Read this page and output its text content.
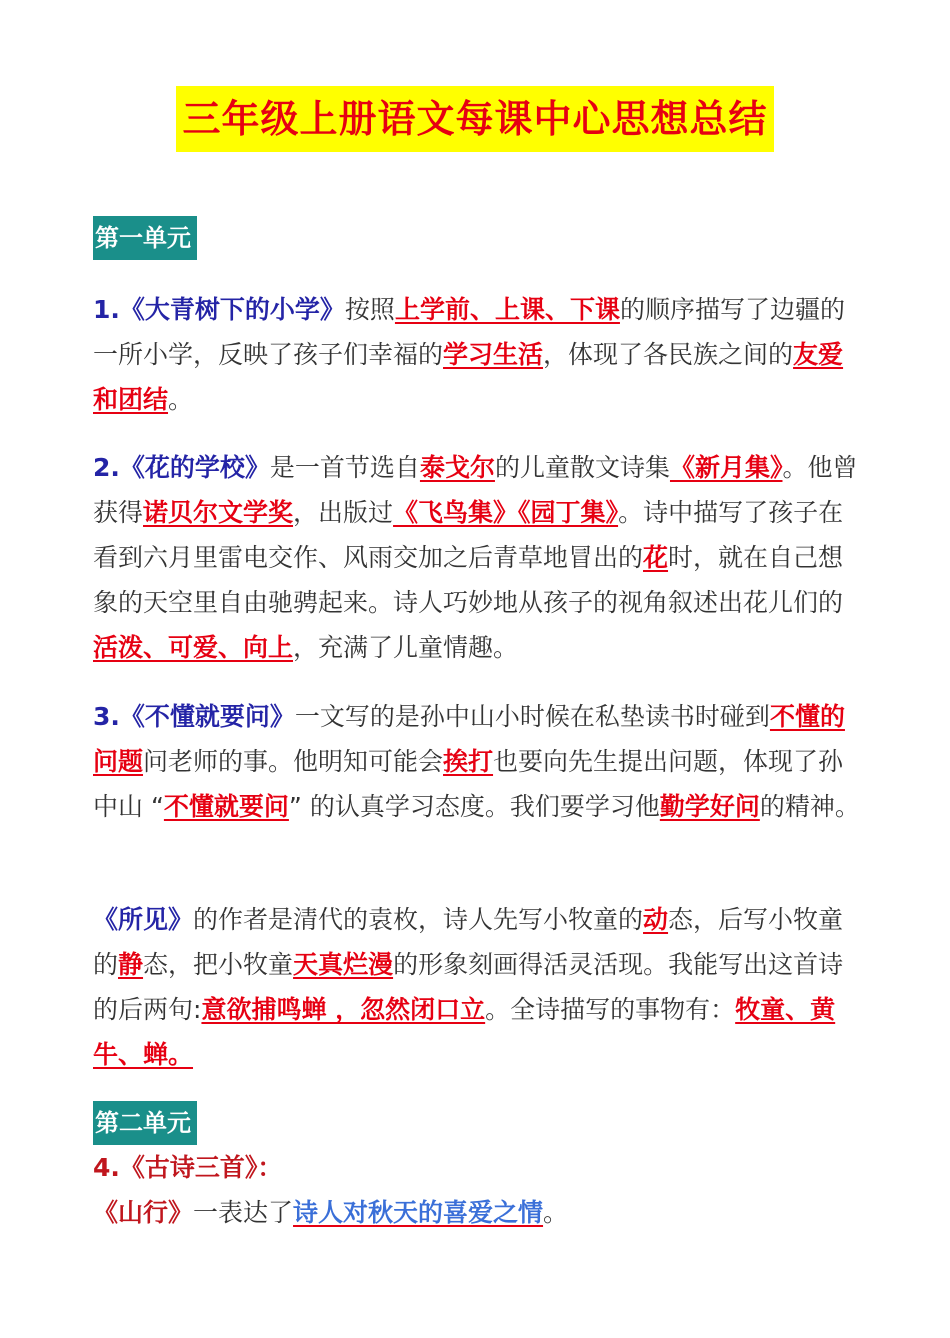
三年级上册语文每课中心思想总结
第一单元
1.《大青树下的小学》按照上学前、上课、下课的顺序描写了边疆的一所小学，反映了孩子们幸福的学习生活，体现了各民族之间的友爱和团结。
2.《花的学校》是一首节选自泰戈尔的儿童散文诗集《新月集》。他曾获得诺贝尔文学奖，出版过《飞鸟集》《园丁集》。诗中描写了孩子在看到六月里雷电交作、风雨交加之后青草地冒出的花时，就在自己想象的天空里自由驰骋起来。诗人巧妙地从孩子的视角叙述出花儿们的活泼、可爱、向上，充满了儿童情趣。
3.《不懂就要问》一文写的是孙中山小时候在私垫读书时碰到不懂的问题问老师的事。他明知可能会挨打也要向先生提出问题，体现了孙中山 “不懂就要问” 的认真学习态度。我们要学习他勤学好问的精神。
《所见》的作者是清代的袁枚，诗人先写小牧童的动态，后写小牧童的静态，把小牧童天真烂漫的形象刻画得活灵活现。我能写出这首诗的后两句:意欲捕鸣蝉 ，忽然闭口立。全诗描写的事物有：牧童、黄牛、蝉。
第二单元
4.《古诗三首》：
《山行》一表达了诗人对秋天的喜爱之情。
